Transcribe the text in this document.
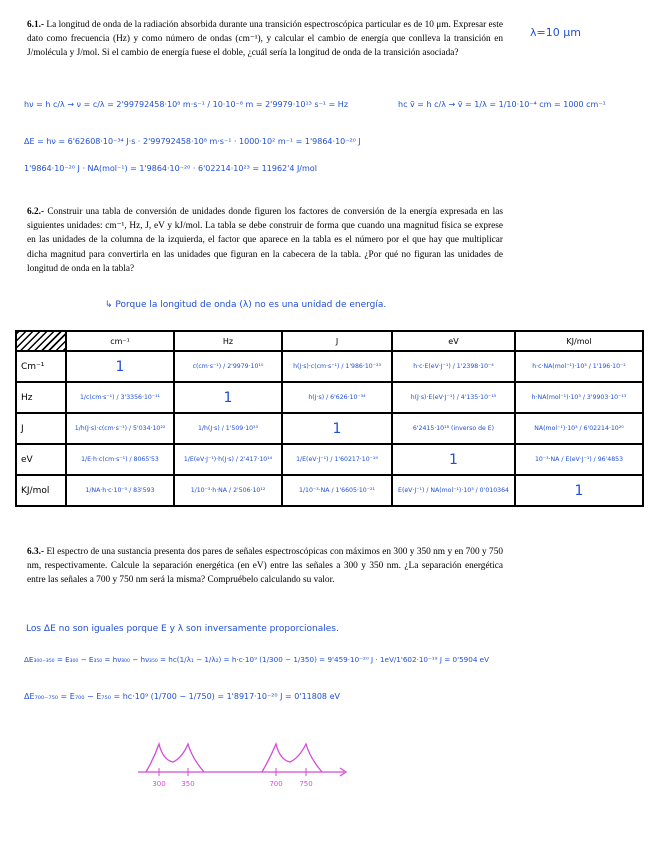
6.1.- La longitud de onda de la radiación absorbida durante una transición espectroscópica particular es de 10 μm. Expresar este dato como frecuencia (Hz) y como número de ondas (cm⁻¹), y calcular el cambio de energía que conlleva la transición en J/molécula y J/mol. Si el cambio de energía fuese el doble, ¿cuál sería la longitud de onda de la transición asociada?
λ=10 μm
hν = h c/λ → ν = c/λ = 2'99792458·10⁸ m·s⁻¹ / 10·10⁻⁶ m = 2'9979·10¹³ s⁻¹ = Hz	hc ṽ = h c/λ → ṽ = 1/λ = 1/10·10⁻⁴ cm = 1000 cm⁻¹
ΔE = hν = 6'62608·10⁻³⁴ J·s · 2'99792458·10⁸ m·s⁻¹ · 1000·10² m⁻¹ = 1'9864·10⁻²⁰ J
1'9864·10⁻²⁰ J · NA(mol⁻¹) = 1'9864·10⁻²⁰ · 6'02214·10²³ = 11962'4 J/mol
6.2.- Construir una tabla de conversión de unidades donde figuren los factores de conversión de la energía expresada en las siguientes unidades: cm⁻¹, Hz, J, eV y kJ/mol. La tabla se debe construir de forma que cuando una magnitud física se exprese en las unidades de la columna de la izquierda, el factor que aparece en la tabla es el número por el que hay que multiplicar dicha magnitud para convertirla en las unidades que figuran en la cabecera de la tabla. ¿Por qué no figuran las unidades de longitud de onda en la tabla?
↳ Porque la longitud de onda (λ) no es una unidad de energía.
	cm⁻¹	Hz	J	eV	KJ/mol
Cm⁻¹	1	c(cm·s⁻¹) / 2'9979·10¹⁰	h(J·s)·c(cm·s⁻¹) / 1'986·10⁻²³	h·c·E(eV·J⁻¹) / 1'2398·10⁻⁴	h·c·NA(mol⁻¹)·10³ / 1'196·10⁻²
Hz	1/c(cm·s⁻¹) / 3'3356·10⁻¹¹	1	h(J·s) / 6'626·10⁻³⁴	h(J·s)·E(eV·J⁻¹) / 4'135·10⁻¹⁵	h·NA(mol⁻¹)·10³ / 3'9903·10⁻¹³
J	1/h(J·s)·c(cm·s⁻¹) / 5'034·10²²	1/h(J·s) / 1'509·10³³	1	6'2415·10¹⁸ (inverso de E)	NA(mol⁻¹)·10³ / 6'02214·10²⁰
eV	1/E·h·c(cm·s⁻¹) / 8065'53	1/E(eV·J⁻¹)·h(J·s) / 2'417·10¹⁴	1/E(eV·J⁻¹) / 1'60217·10⁻¹⁹	1	10⁻³·NA / E(eV·J⁻¹) / 96'4853
KJ/mol	1/NA·h·c·10⁻³ / 83'593	1/10⁻³·h·NA / 2'506·10¹²	1/10⁻³·NA / 1'6605·10⁻²¹	E(eV·J⁻¹) / NA(mol⁻¹)·10³ / 0'010364	1
6.3.- El espectro de una sustancia presenta dos pares de señales espectroscópicas con máximos en 300 y 350 nm y en 700 y 750 nm, respectivamente. Calcule la separación energética (en eV) entre las señales a 300 y 350 nm. ¿La separación energética entre las señales a 700 y 750 nm será la misma? Compruébelo calculando su valor.
Los ΔE no son iguales porque E y λ son inversamente proporcionales.
ΔE₃₀₀₋₃₅₀ = E₃₀₀ − E₃₅₀ = hν₃₀₀ − hν₃₅₀ = hc(1/λ₁ − 1/λ₂) = h·c·10⁹ (1/300 − 1/350) = 9'459·10⁻²⁰ J · 1eV/1'602·10⁻¹⁹ J = 0'5904 eV
ΔE₇₀₀₋₇₅₀ = E₇₀₀ − E₇₅₀ = hc·10⁹ (1/700 − 1/750) = 1'8917·10⁻²⁰ J = 0'11808 eV
300 350	700 750
